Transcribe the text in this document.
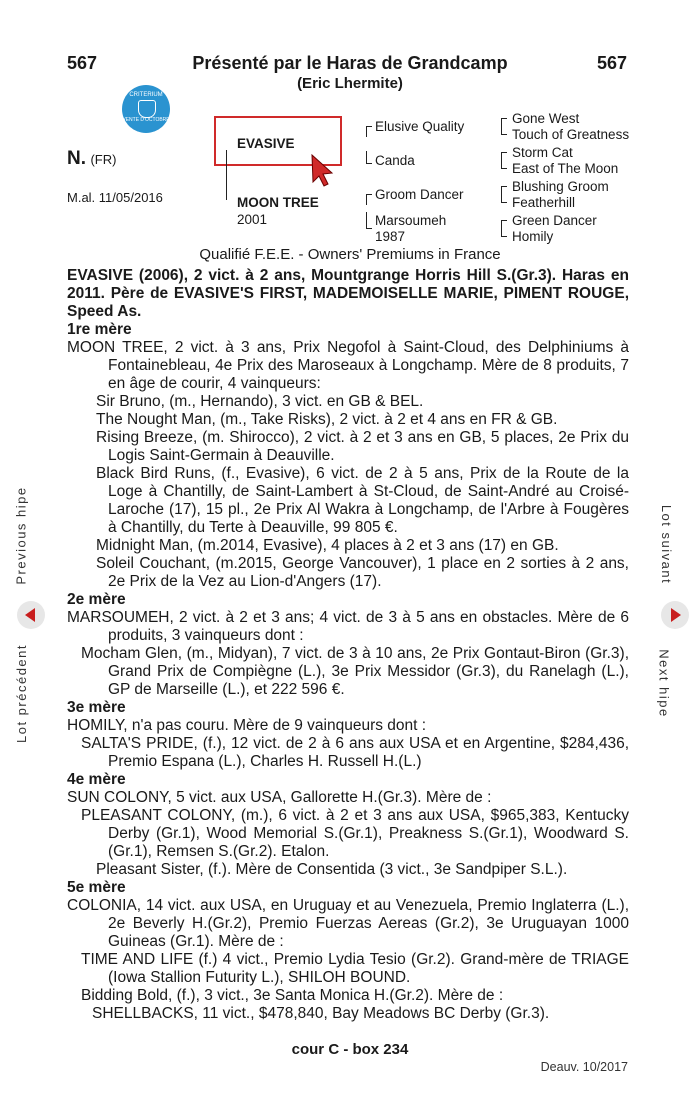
567	Présenté par le Haras de Grandcamp	567
(Eric Lhermite)
CRITERIUM
VENTE D'OCTOBRE
N. (FR)
M.al. 11/05/2016
EVASIVE
MOON TREE
2001
Elusive Quality
Canda
Groom Dancer
Marsoumeh
1987
Gone West
Touch of Greatness
Storm Cat
East of The Moon
Blushing Groom
Featherhill
Green Dancer
Homily
Qualifié F.E.E. - Owners' Premiums in France

EVASIVE (2006), 2 vict. à 2 ans, Mountgrange Horris Hill S.(Gr.3). Haras en 2011. Père de EVASIVE'S FIRST, MADEMOISELLE MARIE, PIMENT ROUGE, Speed As.

1re mère

MOON TREE, 2 vict. à 3 ans, Prix Negofol à Saint-Cloud, des Delphiniums à Fontainebleau, 4e Prix des Maroseaux à Longchamp. Mère de 8 produits, 7 en âge de courir, 4 vainqueurs:

Sir Bruno, (m., Hernando), 3 vict. en GB & BEL.

The Nought Man, (m., Take Risks), 2 vict. à 2 et 4 ans en FR & GB.

Rising Breeze, (m. Shirocco), 2 vict. à 2 et 3 ans en GB, 5 places, 2e Prix du Logis Saint-Germain à Deauville.

Black Bird Runs, (f., Evasive), 6 vict. de 2 à 5 ans, Prix de la Route de la Loge à Chantilly, de Saint-Lambert à St-Cloud, de Saint-André au Croisé-Laroche (17), 15 pl., 2e Prix Al Wakra à Longchamp, de l'Arbre à Fougères à Chantilly, du Terte à Deauville, 99 805 €.

Midnight Man, (m.2014, Evasive), 4 places à 2 et 3 ans (17) en GB.

Soleil Couchant, (m.2015, George Vancouver), 1 place en 2 sorties à 2 ans, 2e Prix de la Vez au Lion-d'Angers (17).

2e mère

MARSOUMEH, 2 vict. à 2 et 3 ans; 4 vict. de 3 à 5 ans en obstacles. Mère de 6 produits, 3 vainqueurs dont :

Mocham Glen, (m., Midyan), 7 vict. de 3 à 10 ans, 2e Prix Gontaut-Biron (Gr.3), Grand Prix de Compiègne (L.), 3e Prix Messidor (Gr.3), du Ranelagh (L.), GP de Marseille (L.), et 222 596 €.

3e mère

HOMILY, n'a pas couru. Mère de 9 vainqueurs dont :

SALTA'S PRIDE, (f.), 12 vict. de 2 à 6 ans aux USA et en Argentine, $284,436, Premio Espana (L.), Charles H. Russell H.(L.)

4e mère

SUN COLONY, 5 vict. aux USA, Gallorette H.(Gr.3). Mère de :

PLEASANT COLONY, (m.), 6 vict. à 2 et 3 ans aux USA, $965,383, Kentucky Derby (Gr.1), Wood Memorial S.(Gr.1), Preakness S.(Gr.1), Woodward S.(Gr.1), Remsen S.(Gr.2). Etalon.

Pleasant Sister, (f.). Mère de Consentida (3 vict., 3e Sandpiper S.L.).

5e mère

COLONIA, 14 vict. aux USA, en Uruguay et au Venezuela, Premio Inglaterra (L.), 2e Beverly H.(Gr.2), Premio Fuerzas Aereas (Gr.2), 3e Uruguayan 1000 Guineas (Gr.1). Mère de :

TIME AND LIFE (f.) 4 vict., Premio Lydia Tesio (Gr.2). Grand-mère de TRIAGE (Iowa Stallion Futurity L.), SHILOH BOUND.

Bidding Bold, (f.), 3 vict., 3e Santa Monica H.(Gr.2). Mère de :

SHELLBACKS, 11 vict., $478,840, Bay Meadows BC Derby (Gr.3).

Previous hipe
Lot précédent
Lot suivant
Next hipe
cour C - box 234
Deauv. 10/2017
